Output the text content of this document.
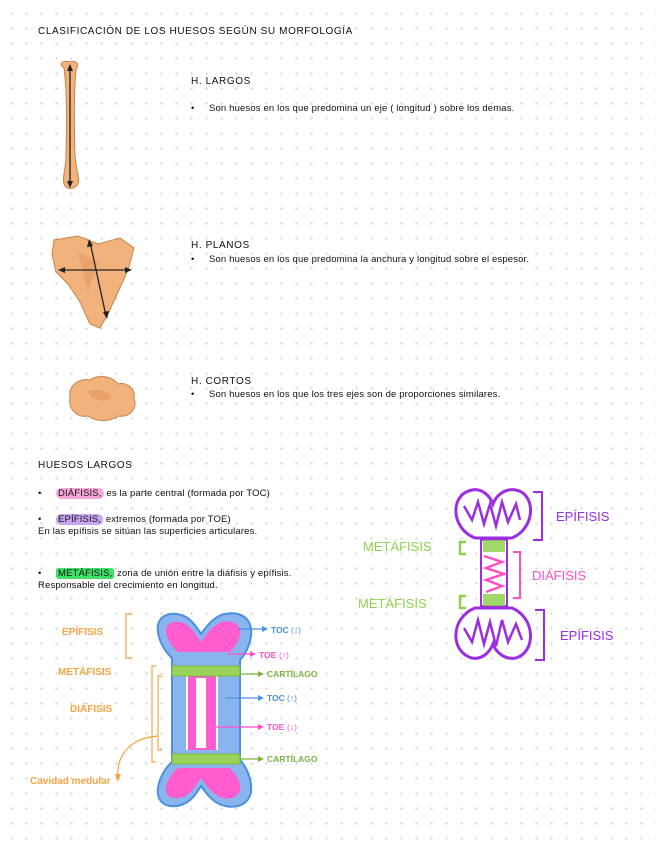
CLASIFICACIÓN DE LOS HUESOS SEGÚN SU MORFOLOGÍA
H. LARGOS
• Son huesos en los que predomina un eje ( longitud ) sobre los demas.
H. PLANOS
•	Son huesos en los que predomina la anchura y longitud sobre el espesor.
H. CORTOS
• Son huesos en los que los tres ejes son de proporciones similares.
HUESOS LARGOS
• DIÁFISIS, es la parte central (formada por TOC)
• EPÍFISIS, extremos (formada por TOE)
En las epífisis se sitúan las superficies articulares.
• METÁFISIS, zona de unión entre la diáfisis y epífisis.
Responsable del crecimiento en longitud.
EPÍFISIS
METÁFISIS
DIÁFISIS
METÁFISIS
EPÍFISIS
EPÍFISIS
METÁFISIS
DIÁFISIS
Cavidad medular
TOC (↓)
TOE (↑)
CARTÍLAGO
TOC (↑)
TOE (↓)
CARTÍLAGO
